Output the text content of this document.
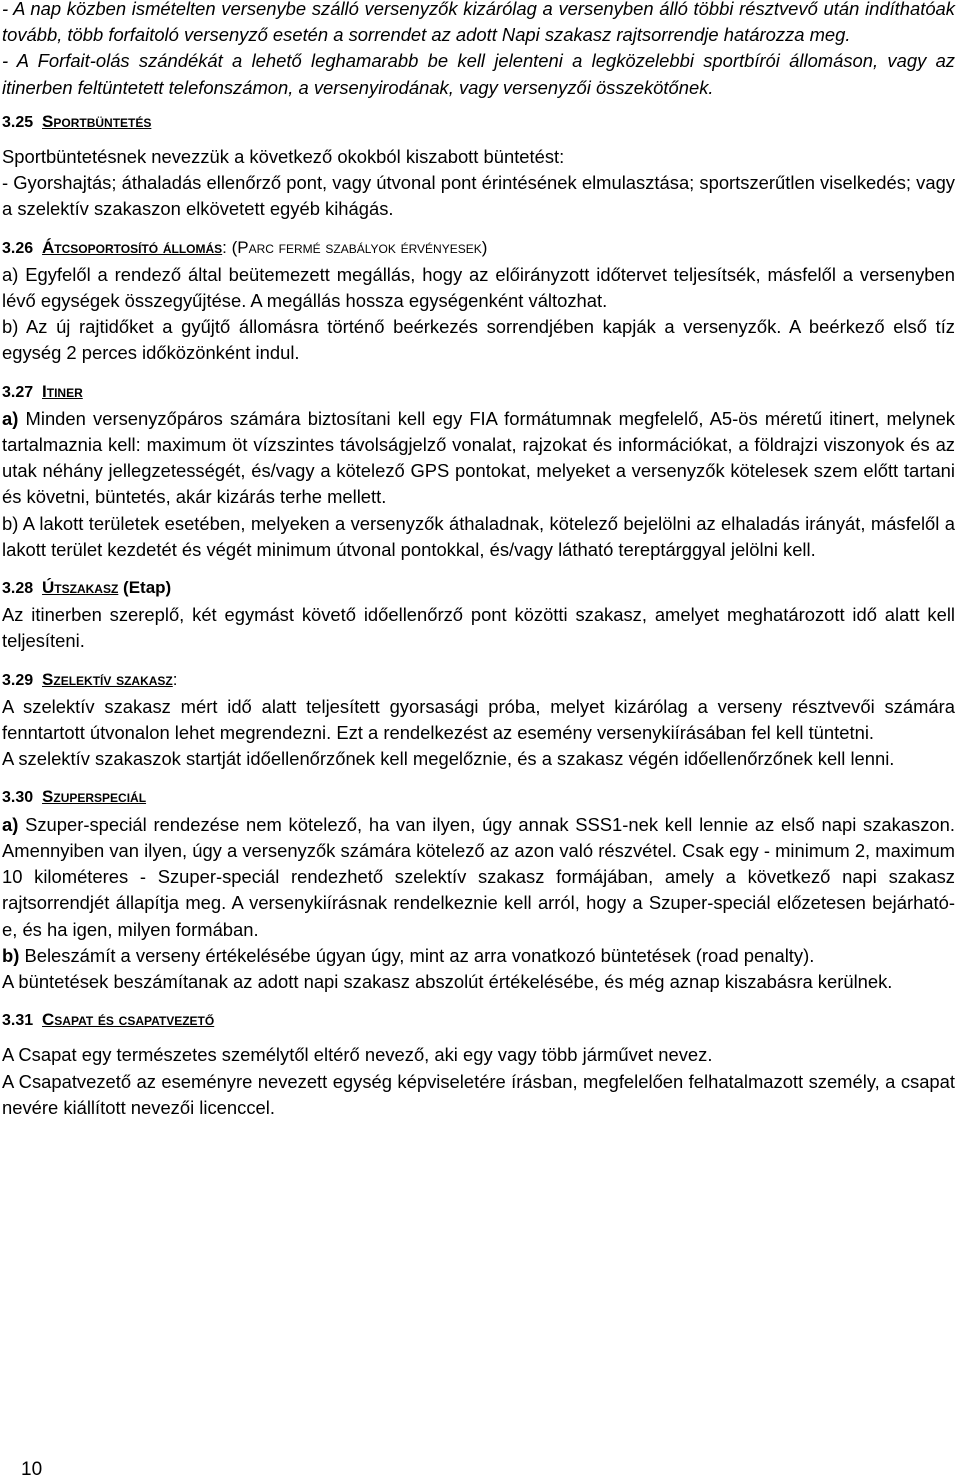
- A nap közben ismételten versenybe szálló versenyzők kizárólag a versenyben álló többi résztvevő után indíthatóak tovább, több forfaitoló versenyző esetén a sorrendet az adott Napi szakasz rajtsorrendje határozza meg.

- A Forfait-olás szándékát a lehető leghamarabb be kell jelenteni a legközelebbi sportbírói állomáson, vagy az itinerben feltüntetett telefonszámon, a versenyirodának, vagy versenyzői összekötőnek.

3.25 Sportbüntetés

Sportbüntetésnek nevezzük a következő okokból kiszabott büntetést:

- Gyorshajtás; áthaladás ellenőrző pont, vagy útvonal pont érintésének elmulasztása; sportszerűtlen viselkedés; vagy a szelektív szakaszon elkövetett egyéb kihágás.

3.26 Átcsoportosító állomás: (Parc fermé szabályok érvényesek)

a) Egyfelől a rendező által beütemezett megállás, hogy az előirányzott időtervet teljesítsék, másfelől a versenyben lévő egységek összegyűjtése. A megállás hossza egységenként változhat.

b) Az új rajtidőket a gyűjtő állomásra történő beérkezés sorrendjében kapják a versenyzők. A beérkező első tíz egység 2 perces időközönként indul.

3.27 Itiner

a) Minden versenyzőpáros számára biztosítani kell egy FIA formátumnak megfelelő, A5-ös méretű itinert, melynek tartalmaznia kell: maximum öt vízszintes távolságjelző vonalat, rajzokat és információkat, a földrajzi viszonyok és az utak néhány jellegzetességét, és/vagy a kötelező GPS pontokat, melyeket a versenyzők kötelesek szem előtt tartani és követni, büntetés, akár kizárás terhe mellett.

b) A lakott területek esetében, melyeken a versenyzők áthaladnak, kötelező bejelölni az elhaladás irányát, másfelől a lakott terület kezdetét és végét minimum útvonal pontokkal, és/vagy látható tereptárggyal jelölni kell.

3.28 Útszakasz (Etap)

Az itinerben szereplő, két egymást követő időellenőrző pont közötti szakasz, amelyet meghatározott idő alatt kell teljesíteni.

3.29 Szelektív szakasz:

A szelektív szakasz mért idő alatt teljesített gyorsasági próba, melyet kizárólag a verseny résztvevői számára fenntartott útvonalon lehet megrendezni. Ezt a rendelkezést az esemény versenykiírásában fel kell tüntetni.

A szelektív szakaszok startját időellenőrzőnek kell megelőznie, és a szakasz végén időellenőrzőnek kell lenni.

3.30 Szuperspeciál

a) Szuper-speciál rendezése nem kötelező, ha van ilyen, úgy annak SSS1-nek kell lennie az első napi szakaszon. Amennyiben van ilyen, úgy a versenyzők számára kötelező az azon való részvétel. Csak egy - minimum 2, maximum 10 kilométeres - Szuper-speciál rendezhető szelektív szakasz formájában, amely a következő napi szakasz rajtsorrendjét állapítja meg. A versenykiírásnak rendelkeznie kell arról, hogy a Szuper-speciál előzetesen bejárható-e, és ha igen, milyen formában.

b) Beleszámít a verseny értékelésébe úgyan úgy, mint az arra vonatkozó büntetések (road penalty).

A büntetések beszámítanak az adott napi szakasz abszolút értékelésébe, és még aznap kiszabásra kerülnek.

3.31 Csapat és csapatvezető

A Csapat egy természetes személytől eltérő nevező, aki egy vagy több járművet nevez.

A Csapatvezető az eseményre nevezett egység képviseletére írásban, megfelelően felhatalmazott személy, a csapat nevére kiállított nevezői licenccel.

10
